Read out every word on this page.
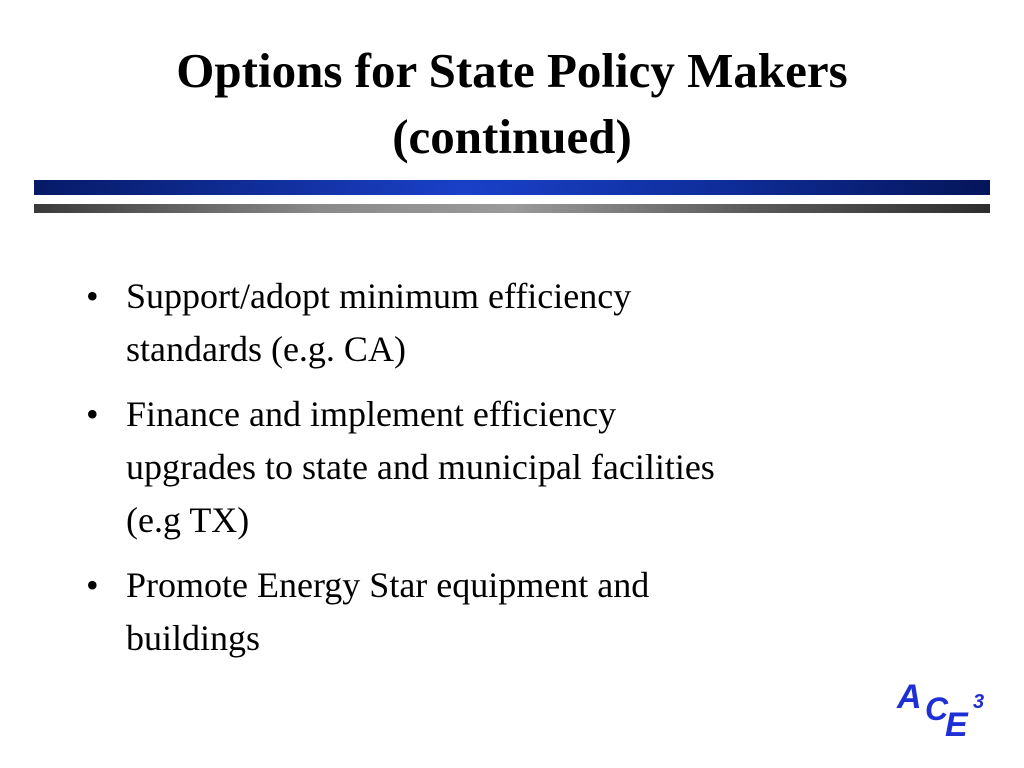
Options for State Policy Makers
(continued)
• Support/adopt minimum efficiency
standards (e.g. CA)
• Finance and implement efficiency
upgrades to state and municipal facilities
(e.g TX)
• Promote Energy Star equipment and
buildings
A C
E
3
